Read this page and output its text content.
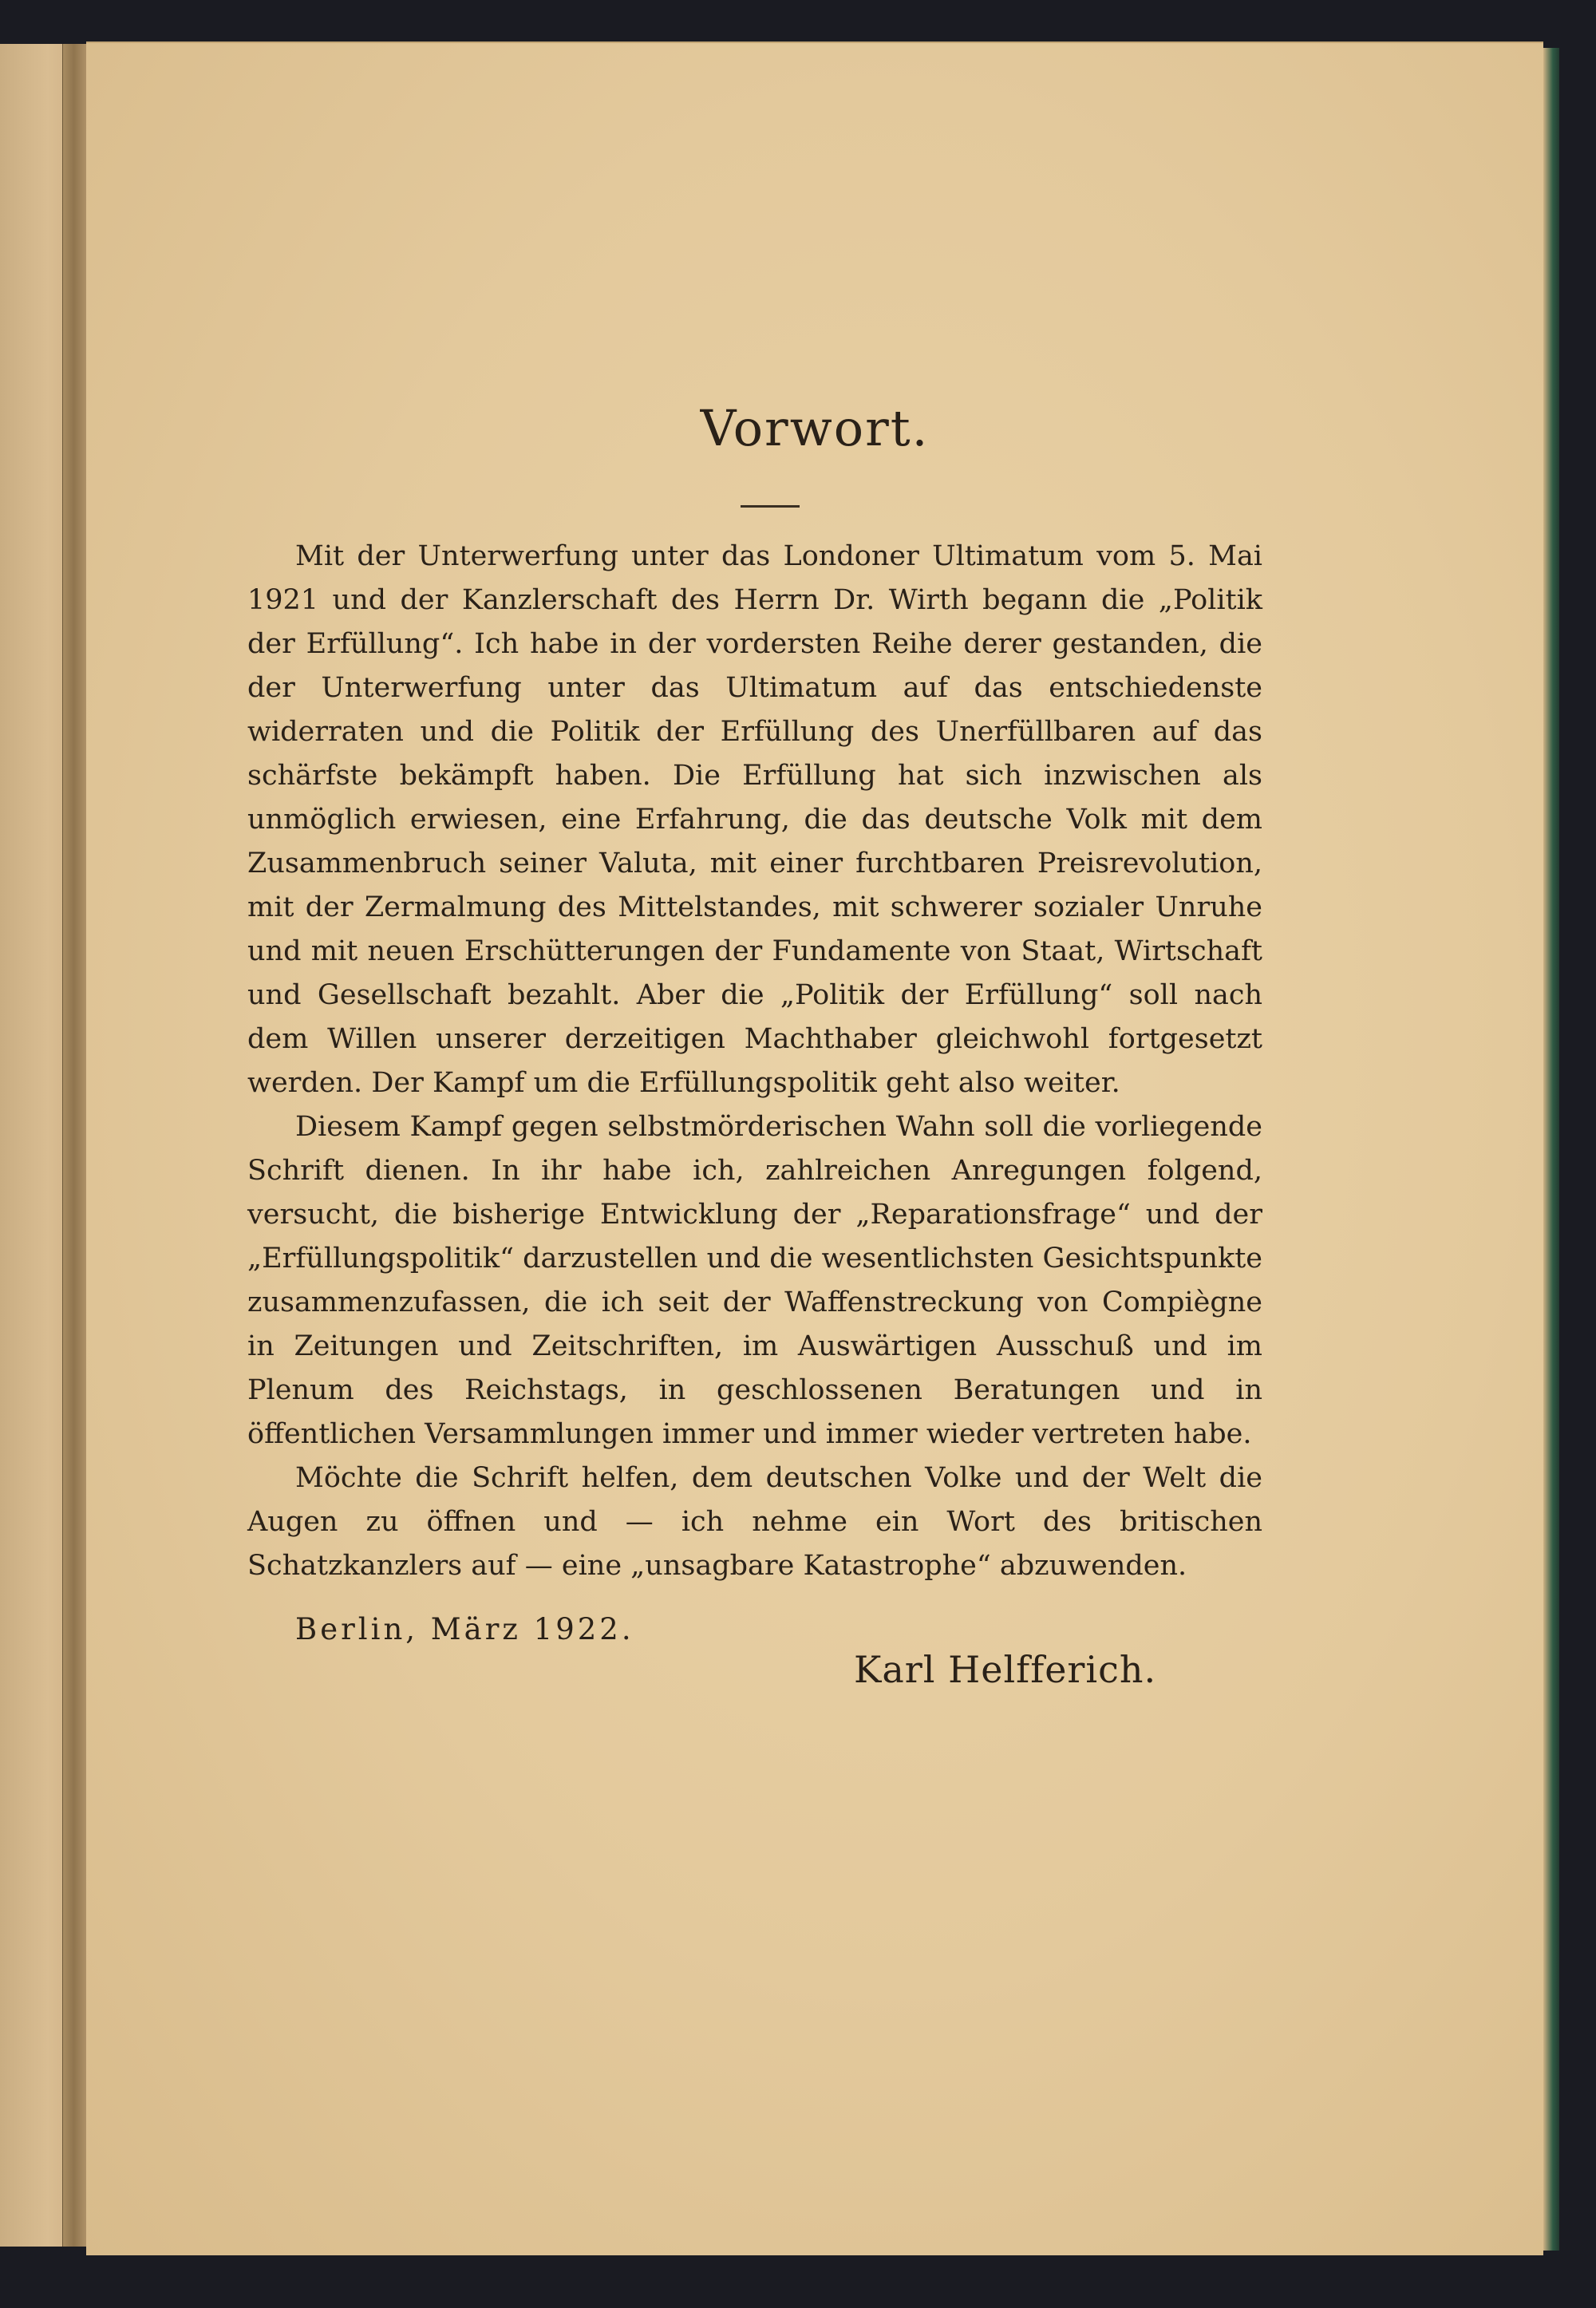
Vorwort.

Mit der Unterwerfung unter das Londoner Ultimatum vom 5. Mai 1921 und der Kanzlerschaft des Herrn Dr. Wirth begann die „Politik der Erfüllung“. Ich habe in der vordersten Reihe derer gestanden, die der Unterwerfung unter das Ultimatum auf das entschiedenste widerraten und die Politik der Erfüllung des Unerfüllbaren auf das schärfste bekämpft haben. Die Erfüllung hat sich inzwischen als unmöglich erwiesen, eine Erfahrung, die das deutsche Volk mit dem Zusammenbruch seiner Valuta, mit einer furchtbaren Preisrevolution, mit der Zermalmung des Mittelstandes, mit schwerer sozialer Unruhe und mit neuen Erschütterungen der Fundamente von Staat, Wirtschaft und Gesellschaft bezahlt. Aber die „Politik der Erfüllung“ soll nach dem Willen unserer derzeitigen Machthaber gleichwohl fortgesetzt werden. Der Kampf um die Erfüllungspolitik geht also weiter.

Diesem Kampf gegen selbstmörderischen Wahn soll die vorliegende Schrift dienen. In ihr habe ich, zahlreichen Anregungen folgend, versucht, die bisherige Entwicklung der „Reparationsfrage“ und der „Erfüllungspolitik“ darzustellen und die wesentlichsten Gesichtspunkte zusammenzufassen, die ich seit der Waffenstreckung von Compiègne in Zeitungen und Zeitschriften, im Auswärtigen Ausschuß und im Plenum des Reichstags, in geschlossenen Beratungen und in öffentlichen Versammlungen immer und immer wieder vertreten habe.

Möchte die Schrift helfen, dem deutschen Volke und der Welt die Augen zu öffnen und — ich nehme ein Wort des britischen Schatzkanzlers auf — eine „unsagbare Katastrophe“ abzuwenden.

Berlin, März 1922.
Karl Helfferich.
